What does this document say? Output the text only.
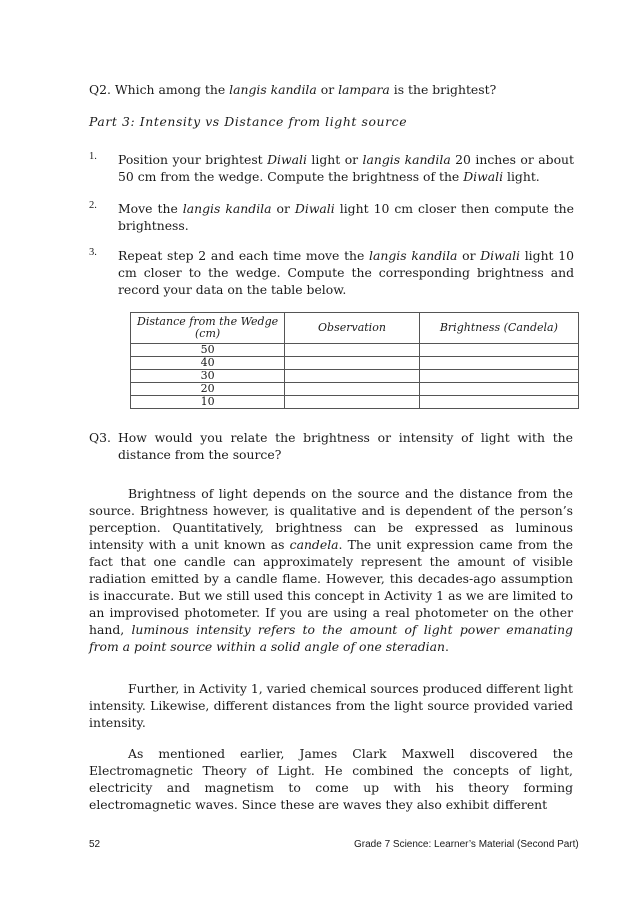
Q2. Which among the langis kandila or lampara is the brightest?
Part 3: Intensity vs Distance from light source
1. Position your brightest Diwali light or langis kandila 20 inches or about 50 cm from the wedge. Compute the brightness of the Diwali light.
2. Move the langis kandila or Diwali light 10 cm closer then compute the brightness.
3. Repeat step 2 and each time move the langis kandila or Diwali light 10 cm closer to the wedge. Compute the corresponding brightness and record your data on the table below.
Distance from the Wedge (cm)	Observation	Brightness (Candela)
50		
40		
30		
20		
10		
Q3. How would you relate the brightness or intensity of light with the distance from the source?
Brightness of light depends on the source and the distance from the source. Brightness however, is qualitative and is dependent of the person’s perception. Quantitatively, brightness can be expressed as luminous intensity with a unit known as candela. The unit expression came from the fact that one candle can approximately represent the amount of visible radiation emitted by a candle flame. However, this decades-ago assumption is inaccurate. But we still used this concept in Activity 1 as we are limited to an improvised photometer. If you are using a real photometer on the other hand, luminous intensity refers to the amount of light power emanating from a point source within a solid angle of one steradian.
Further, in Activity 1, varied chemical sources produced different light intensity. Likewise, different distances from the light source provided varied intensity.
As mentioned earlier, James Clark Maxwell discovered the Electromagnetic Theory of Light. He combined the concepts of light, electricity and magnetism to come up with his theory forming electromagnetic waves. Since these are waves they also exhibit different
52	Grade 7 Science: Learner’s Material (Second Part)
